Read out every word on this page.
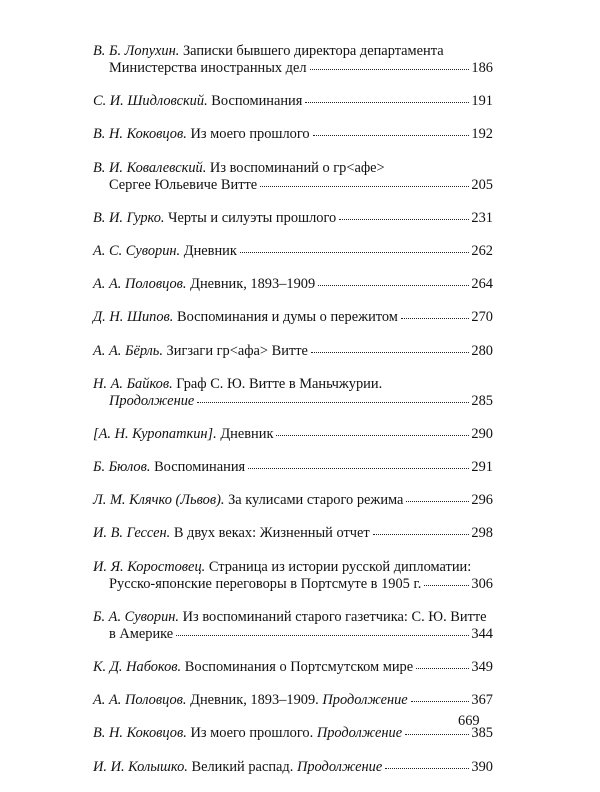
В. Б. Лопухин.
Записки бывшего директора департамента
Министерства иностранных дел	186
С. И. Шидловский.
Воспоминания	191
В. Н. Коковцов.
Из моего прошлого	192
В. И. Ковалевский.
Из воспоминаний о гр<афе>
Сергее Юльевиче Витте	205
В. И. Гурко.
Черты и силуэты прошлого	231
А. С. Суворин.
Дневник	262
А. А. Половцов.
Дневник, 1893–1909	264
Д. Н. Шипов.
Воспоминания и думы о пережитом	270
А. А. Бёрль.
Зигзаги гр<афа> Витте	280
Н. А. Байков.
Граф С. Ю. Витте в Маньчжурии.
Продолжение	285
[А. Н. Куропаткин].
Дневник	290
Б. Бюлов.
Воспоминания	291
Л. М. Клячко (Львов).
За кулисами старого режима	296
И. В. Гессен.
В двух веках: Жизненный отчет	298
И. Я. Коростовец.
Страница из истории русской дипломатии:
Русско-японские переговоры в Портсмуте в 1905 г.	306
Б. А. Суворин.
Из воспоминаний старого газетчика: С. Ю. Витте
в Америке	344
К. Д. Набоков.
Воспоминания о Портсмутском мире	349
А. А. Половцов.
Дневник, 1893–1909.
Продолжение	367
В. Н. Коковцов.
Из моего прошлого.
Продолжение	385
И. И. Колышко.
Великий распад.
Продолжение	390
669
